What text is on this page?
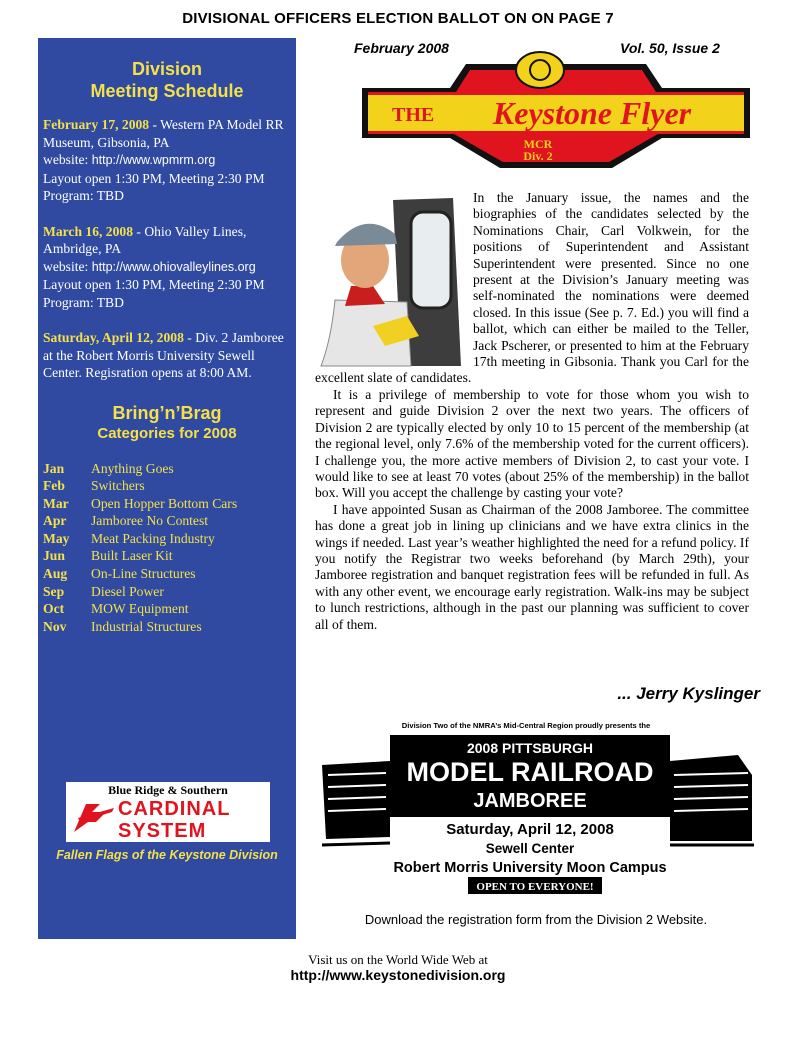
DIVISIONAL OFFICERS ELECTION BALLOT ON ON PAGE 7
Division
Meeting Schedule
February 17, 2008 - Western PA Model RR Museum, Gibsonia, PA
website: http://www.wpmrm.org
Layout open 1:30 PM, Meeting 2:30 PM
Program: TBD
March 16, 2008 - Ohio Valley Lines, Ambridge, PA
website: http://www.ohiovalleylines.org
Layout open 1:30 PM, Meeting 2:30 PM
Program: TBD
Saturday, April 12, 2008 - Div. 2 Jamboree at the Robert Morris University Sewell Center. Regisration opens at 8:00 AM.
Bring’n’Brag
Categories for 2008
Jan	Anything Goes
Feb	Switchers
Mar	Open Hopper Bottom Cars
Apr	Jamboree No Contest
May	Meat Packing Industry
Jun	Built Laser Kit
Aug	On-Line Structures
Sep	Diesel Power
Oct	MOW Equipment
Nov	Industrial Structures
Blue Ridge & Southern
CARDINAL
SYSTEM
Fallen Flags of the Keystone Division
February 2008	Vol. 50, Issue 2
THE Keystone Flyer
MCR
Div. 2

In the January issue, the names and the biographies of the candidates selected by the Nominations Chair, Carl Volkwein, for the positions of Superintendent and Assistant Superintendent were presented. Since no one present at the Division’s January meeting was self-nominated the nominations were deemed closed. In this issue (See p. 7. Ed.) you will find a ballot, which can either be mailed to the Teller, Jack Pscherer, or presented to him at the February 17th meeting in Gibsonia. Thank you Carl for the excellent slate of candidates.

It is a privilege of membership to vote for those whom you wish to represent and guide Division 2 over the next two years. The officers of Division 2 are typically elected by only 10 to 15 percent of the membership (at the regional level, only 7.6% of the membership voted for the current officers). I challenge you, the more active members of Division 2, to cast your vote. I would like to see at least 70 votes (about 25% of the membership) in the ballot box. Will you accept the challenge by casting your vote?

I have appointed Susan as Chairman of the 2008 Jamboree. The committee has done a great job in lining up clinicians and we have extra clinics in the wings if needed. Last year’s weather highlighted the need for a refund policy. If you notify the Registrar two weeks beforehand (by March 29th), your Jamboree registration and banquet registration fees will be refunded in full. As with any other event, we encourage early registration. Walk-ins may be subject to lunch restrictions, although in the past our planning was sufficient to cover all of them.

... Jerry Kyslinger
Division Two of the NMRA’s Mid-Central Region proudly presents the
2008 PITTSBURGH
MODEL RAILROAD
JAMBOREE
Saturday, April 12, 2008
Sewell Center
Robert Morris University Moon Campus
OPEN TO EVERYONE!
Download the registration form from the Division 2 Website.
Visit us on the World Wide Web at
http://www.keystonedivision.org
